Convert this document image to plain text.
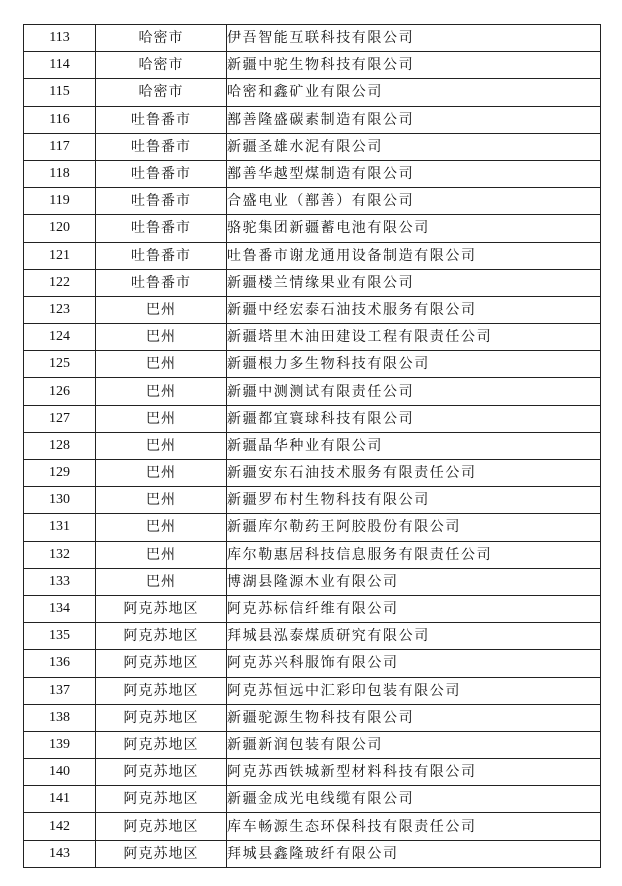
113	哈密市	伊吾智能互联科技有限公司
114	哈密市	新疆中驼生物科技有限公司
115	哈密市	哈密和鑫矿业有限公司
116	吐鲁番市	鄯善隆盛碳素制造有限公司
117	吐鲁番市	新疆圣雄水泥有限公司
118	吐鲁番市	鄯善华越型煤制造有限公司
119	吐鲁番市	合盛电业（鄯善）有限公司
120	吐鲁番市	骆驼集团新疆蓄电池有限公司
121	吐鲁番市	吐鲁番市谢龙通用设备制造有限公司
122	吐鲁番市	新疆楼兰情缘果业有限公司
123	巴州	新疆中经宏泰石油技术服务有限公司
124	巴州	新疆塔里木油田建设工程有限责任公司
125	巴州	新疆根力多生物科技有限公司
126	巴州	新疆中测测试有限责任公司
127	巴州	新疆都宜寰球科技有限公司
128	巴州	新疆晶华种业有限公司
129	巴州	新疆安东石油技术服务有限责任公司
130	巴州	新疆罗布村生物科技有限公司
131	巴州	新疆库尔勒药王阿胶股份有限公司
132	巴州	库尔勒惠居科技信息服务有限责任公司
133	巴州	博湖县隆源木业有限公司
134	阿克苏地区	阿克苏标信纤维有限公司
135	阿克苏地区	拜城县泓泰煤质研究有限公司
136	阿克苏地区	阿克苏兴科服饰有限公司
137	阿克苏地区	阿克苏恒远中汇彩印包装有限公司
138	阿克苏地区	新疆驼源生物科技有限公司
139	阿克苏地区	新疆新润包装有限公司
140	阿克苏地区	阿克苏西铁城新型材料科技有限公司
141	阿克苏地区	新疆金成光电线缆有限公司
142	阿克苏地区	库车畅源生态环保科技有限责任公司
143	阿克苏地区	拜城县鑫隆玻纤有限公司
